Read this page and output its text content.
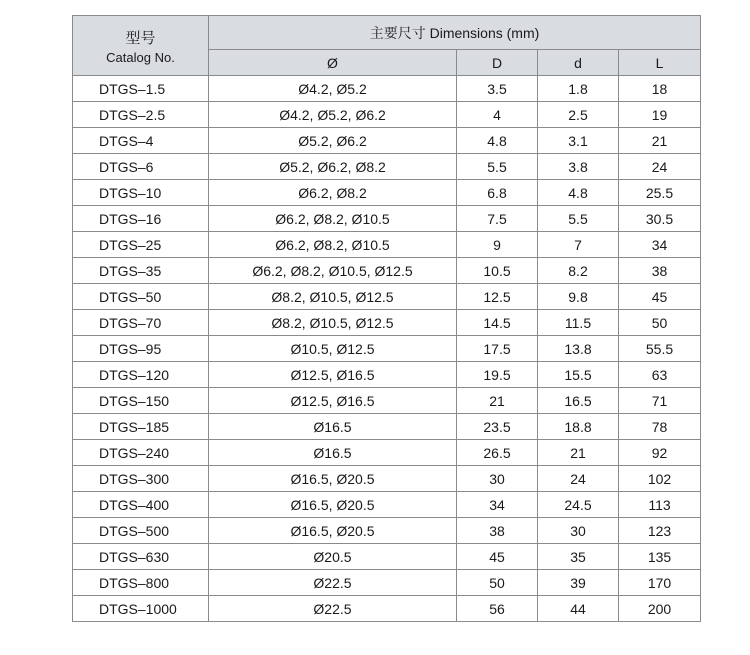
型号
Catalog No.	主要尺寸 Dimensions (mm)			
	Ø	D	d	L
DTGS–1.5	Ø4.2, Ø5.2	3.5	1.8	18
DTGS–2.5	Ø4.2, Ø5.2, Ø6.2	4	2.5	19
DTGS–4	Ø5.2, Ø6.2	4.8	3.1	21
DTGS–6	Ø5.2, Ø6.2, Ø8.2	5.5	3.8	24
DTGS–10	Ø6.2, Ø8.2	6.8	4.8	25.5
DTGS–16	Ø6.2, Ø8.2, Ø10.5	7.5	5.5	30.5
DTGS–25	Ø6.2, Ø8.2, Ø10.5	9	7	34
DTGS–35	Ø6.2, Ø8.2, Ø10.5, Ø12.5	10.5	8.2	38
DTGS–50	Ø8.2, Ø10.5, Ø12.5	12.5	9.8	45
DTGS–70	Ø8.2, Ø10.5, Ø12.5	14.5	11.5	50
DTGS–95	Ø10.5, Ø12.5	17.5	13.8	55.5
DTGS–120	Ø12.5, Ø16.5	19.5	15.5	63
DTGS–150	Ø12.5, Ø16.5	21	16.5	71
DTGS–185	Ø16.5	23.5	18.8	78
DTGS–240	Ø16.5	26.5	21	92
DTGS–300	Ø16.5, Ø20.5	30	24	102
DTGS–400	Ø16.5, Ø20.5	34	24.5	113
DTGS–500	Ø16.5, Ø20.5	38	30	123
DTGS–630	Ø20.5	45	35	135
DTGS–800	Ø22.5	50	39	170
DTGS–1000	Ø22.5	56	44	200
